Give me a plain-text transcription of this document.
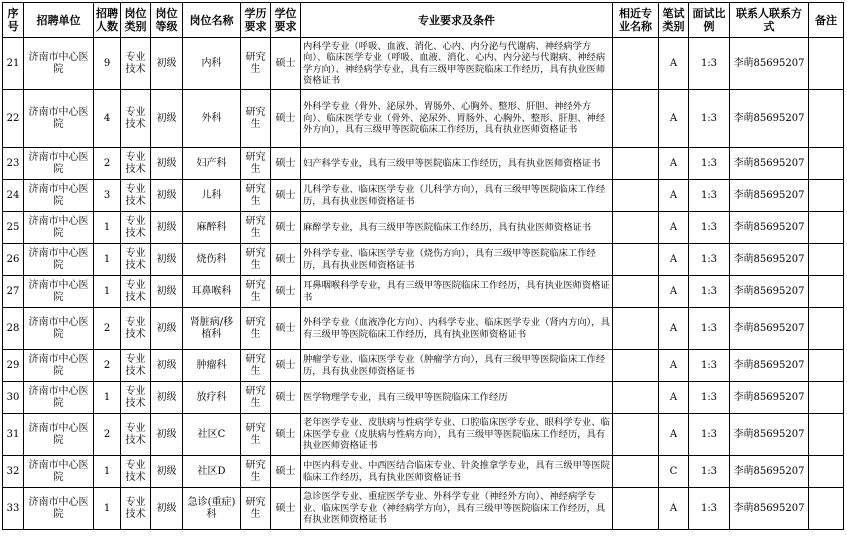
序号	招聘单位	招聘人数	岗位类别	岗位等级	岗位名称	学历要求	学位要求	专业要求及条件	相近专业名称	笔试类别	面试比例	联系人联系方式	备注
21	济南市中心医院	9	专业技术	初级	内科	研究生	硕士	内科学专业（呼吸、血液、消化、心内、内分泌与代谢病、神经病学方向）、临床医学专业（呼吸、血液、消化、心内、内分泌与代谢病、神经病学方向）、神经病学专业，具有三级甲等医院临床工作经历，具有执业医师资格证书		A	1:3	李萌85695207	
22	济南市中心医院	4	专业技术	初级	外科	研究生	硕士	外科学专业（骨外、泌尿外、胃肠外、心胸外、整形、肝胆、神经外方向）、临床医学专业（骨外、泌尿外、胃肠外、心胸外、整形、肝胆、神经外方向），具有三级甲等医院临床工作经历，具有执业医师资格证书		A	1:3	李萌85695207	
23	济南市中心医院	2	专业技术	初级	妇产科	研究生	硕士	妇产科学专业，具有三级甲等医院临床工作经历，具有执业医师资格证书		A	1:3	李萌85695207	
24	济南市中心医院	3	专业技术	初级	儿科	研究生	硕士	儿科学专业、临床医学专业（儿科学方向），具有三级甲等医院临床工作经历，具有执业医师资格证书		A	1:3	李萌85695207	
25	济南市中心医院	1	专业技术	初级	麻醉科	研究生	硕士	麻醉学专业，具有三级甲等医院临床工作经历，具有执业医师资格证书		A	1:3	李萌85695207	
26	济南市中心医院	1	专业技术	初级	烧伤科	研究生	硕士	外科学专业、临床医学专业（烧伤方向），具有三级甲等医院临床工作经历，具有执业医师资格证书		A	1:3	李萌85695207	
27	济南市中心医院	1	专业技术	初级	耳鼻喉科	研究生	硕士	耳鼻咽喉科学专业，具有三级甲等医院临床工作经历，具有执业医师资格证书		A	1:3	李萌85695207	
28	济南市中心医院	2	专业技术	初级	肾脏病/移植科	研究生	硕士	外科学专业（血液净化方向）、内科学专业、临床医学专业（肾内方向），具有三级甲等医院临床工作经历，具有执业医师资格证书		A	1:3	李萌85695207	
29	济南市中心医院	2	专业技术	初级	肿瘤科	研究生	硕士	肿瘤学专业、临床医学专业（肿瘤学方向），具有三级甲等医院临床工作经历，具有执业医师资格证书		A	1:3	李萌85695207	
30	济南市中心医院	1	专业技术	初级	放疗科	研究生	硕士	医学物理学专业，具有三级甲等医院临床工作经历		A	1:3	李萌85695207	
31	济南市中心医院	2	专业技术	初级	社区C	研究生	硕士	老年医学专业、皮肤病与性病学专业、口腔临床医学专业、眼科学专业、临床医学专业（皮肤病与性病方向），具有三级甲等医院临床工作经历，具有执业医师资格证书		A	1:3	李萌85695207	
32	济南市中心医院	1	专业技术	初级	社区D	研究生	硕士	中医内科专业、中西医结合临床专业、针灸推拿学专业，具有三级甲等医院临床工作经历，具有执业医师资格证书		C	1:3	李萌85695207	
33	济南市中心医院	1	专业技术	初级	急诊(重症)科	研究生	硕士	急诊医学专业、重症医学专业、外科学专业（神经外方向）、神经病学专业、临床医学专业（神经病学方向），具有三级甲等医院临床工作经历，具有执业医师资格证书		A	1:3	李萌85695207	
